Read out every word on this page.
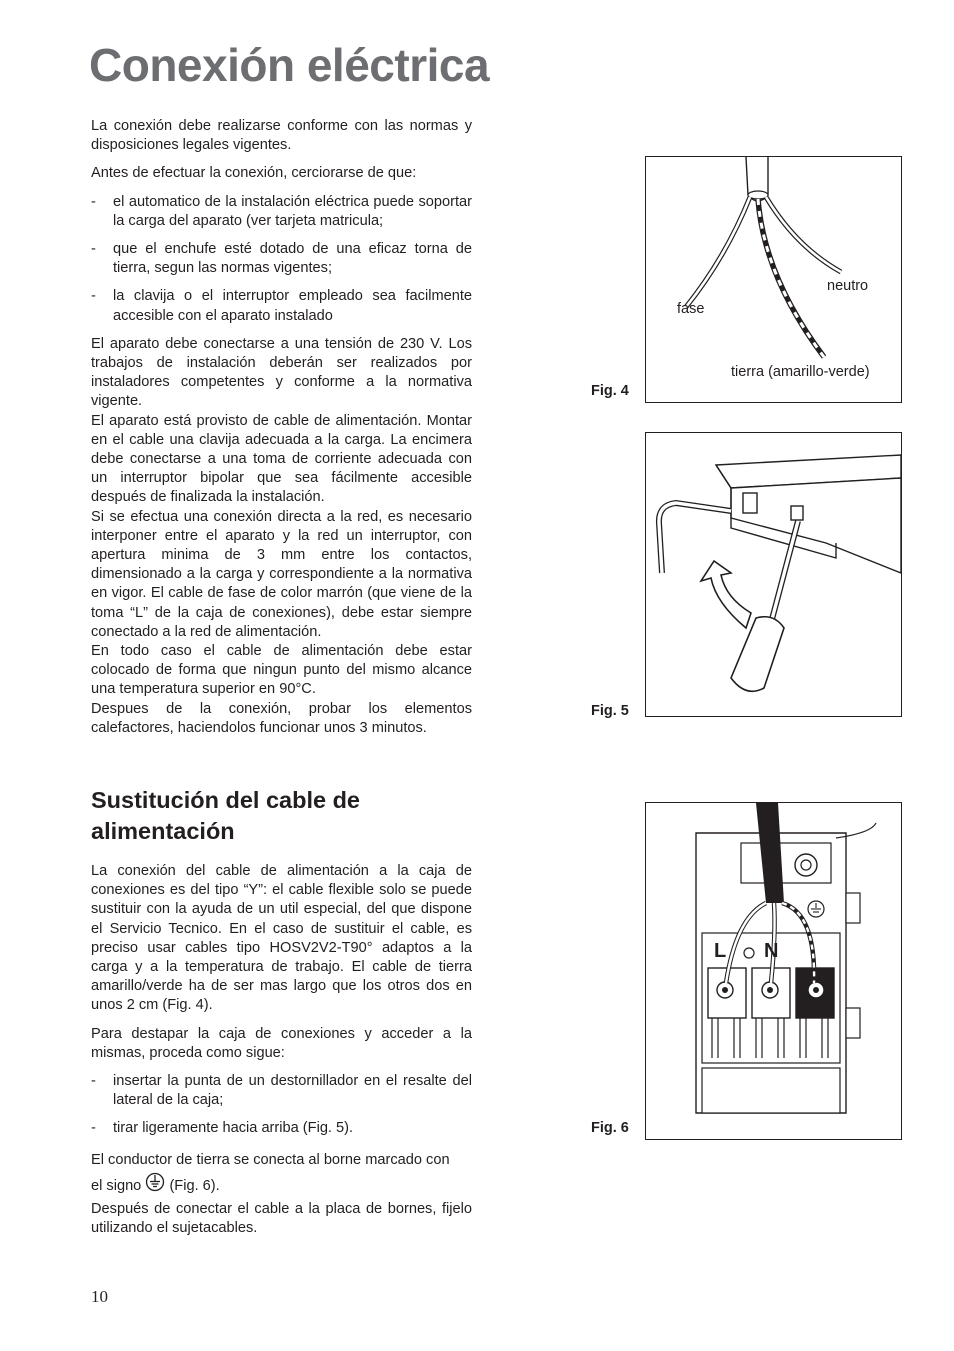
Conexión eléctrica

La conexión debe realizarse conforme con las normas y disposiciones legales vigentes.

Antes de efectuar la conexión, cerciorarse de que:

- el automatico de la instalación eléctrica puede soportar la carga del aparato (ver tarjeta matricula;
- que el enchufe esté dotado de una eficaz torna de tierra, segun las normas vigentes;
- la clavija o el interruptor empleado sea facilmente accesible con el aparato instalado

El aparato debe conectarse a una tensión de 230 V. Los trabajos de instalación deberán ser realizados por instaladores competentes y conforme a la normativa vigente.

El aparato está provisto de cable de alimentación. Montar en el cable una clavija adecuada a la carga. La encimera debe conectarse a una toma de corriente adecuada con un interruptor bipolar que sea fácilmente accesible después de finalizada la instalación.

Si se efectua una conexión directa a la red, es necesario interponer entre el aparato y la red un interruptor, con apertura minima de 3 mm entre los contactos, dimensionado a la carga y correspondiente a la normativa en vigor. El cable de fase de color marrón (que viene de la toma “L” de la caja de conexiones), debe estar siempre conectado a la red de alimentación.

En todo caso el cable de alimentación debe estar colocado de forma que ningun punto del mismo alcance una temperatura superior en 90°C.

Despues de la conexión, probar los elementos calefactores, haciendolos funcionar unos 3 minutos.

Sustitución del cable de alimentación

La conexión del cable de alimentación a la caja de conexiones es del tipo “Y”: el cable flexible solo se puede sustituir con la ayuda de un util especial, del que dispone el Servicio Tecnico. En el caso de sustituir el cable, es preciso usar cables tipo HOSV2V2-T90° adaptos a la carga y a la temperatura de trabajo. El cable de tierra amarillo/verde ha de ser mas largo que los otros dos en unos 2 cm (Fig. 4).

Para destapar la caja de conexiones y acceder a la mismas, proceda como sigue:

- insertar la punta de un destornillador en el resalte del lateral de la caja;
- tirar ligeramente hacia arriba (Fig. 5).

El conductor de tierra se conecta al borne marcado con
el signo (Fig. 6).

Después de conectar el cable a la placa de bornes, fijelo utilizando el sujetacables.

neutro
fase
tierra (amarillo-verde)
Fig. 4
Fig. 5
L N
Fig. 6
10
